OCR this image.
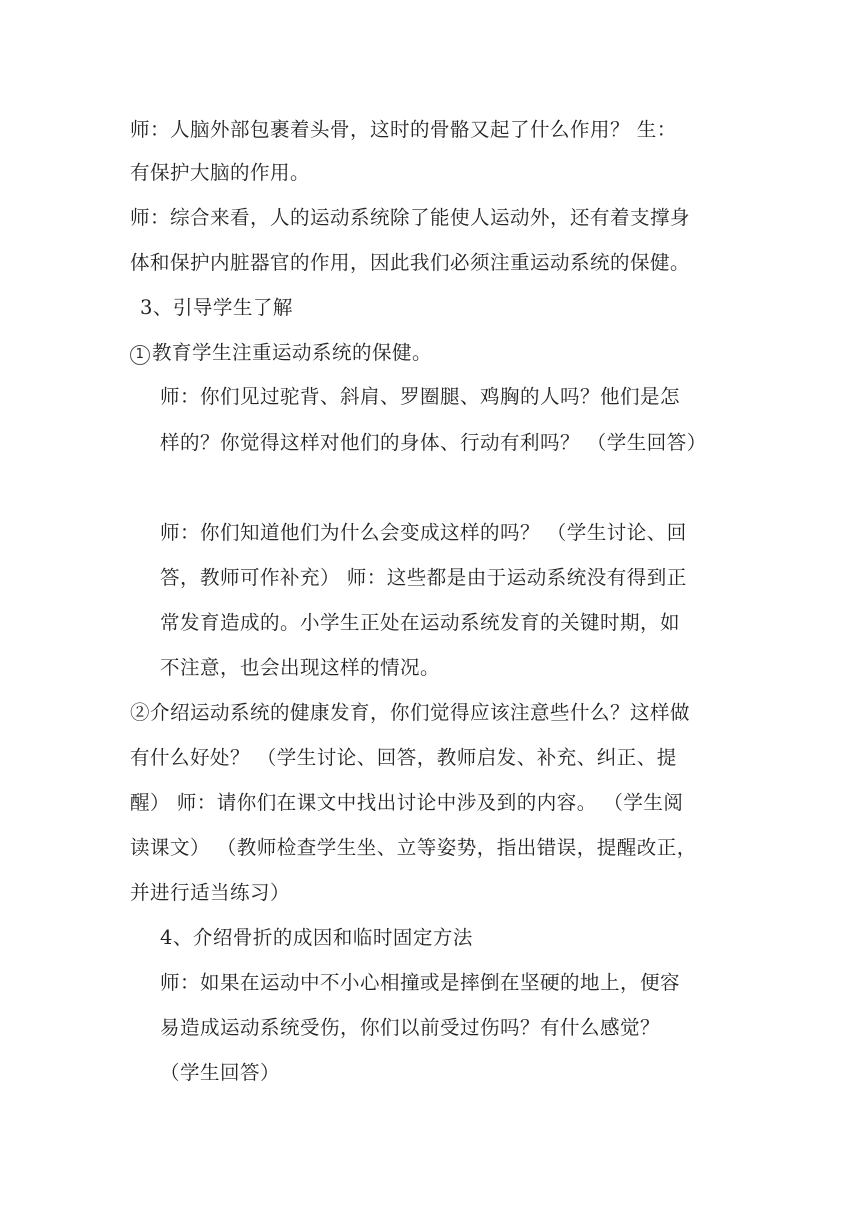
师：人脑外部包裹着头骨，这时的骨骼又起了什么作用？ 生：
有保护大脑的作用。
师：综合来看，人的运动系统除了能使人运动外，还有着支撑身
体和保护内脏器官的作用，因此我们必须注重运动系统的保健。
3、引导学生了解
1 教育学生注重运动系统的保健。
师：你们见过驼背、斜肩、罗圈腿、鸡胸的人吗？他们是怎
样的？你觉得这样对他们的身体、行动有利吗？ （学生回答）
师：你们知道他们为什么会变成这样的吗？ （学生讨论、回
答，教师可作补充） 师：这些都是由于运动系统没有得到正
常发育造成的。小学生正处在运动系统发育的关键时期，如
不注意，也会出现这样的情况。
②介绍运动系统的健康发育，你们觉得应该注意些什么？这样做
有什么好处？ （学生讨论、回答，教师启发、补充、纠正、提
醒） 师：请你们在课文中找出讨论中涉及到的内容。 （学生阅
读课文） （教师检查学生坐、立等姿势，指出错误，提醒改正，
并进行适当练习）
4、介绍骨折的成因和临时固定方法
师：如果在运动中不小心相撞或是摔倒在坚硬的地上，便容
易造成运动系统受伤，你们以前受过伤吗？有什么感觉？
（学生回答）
